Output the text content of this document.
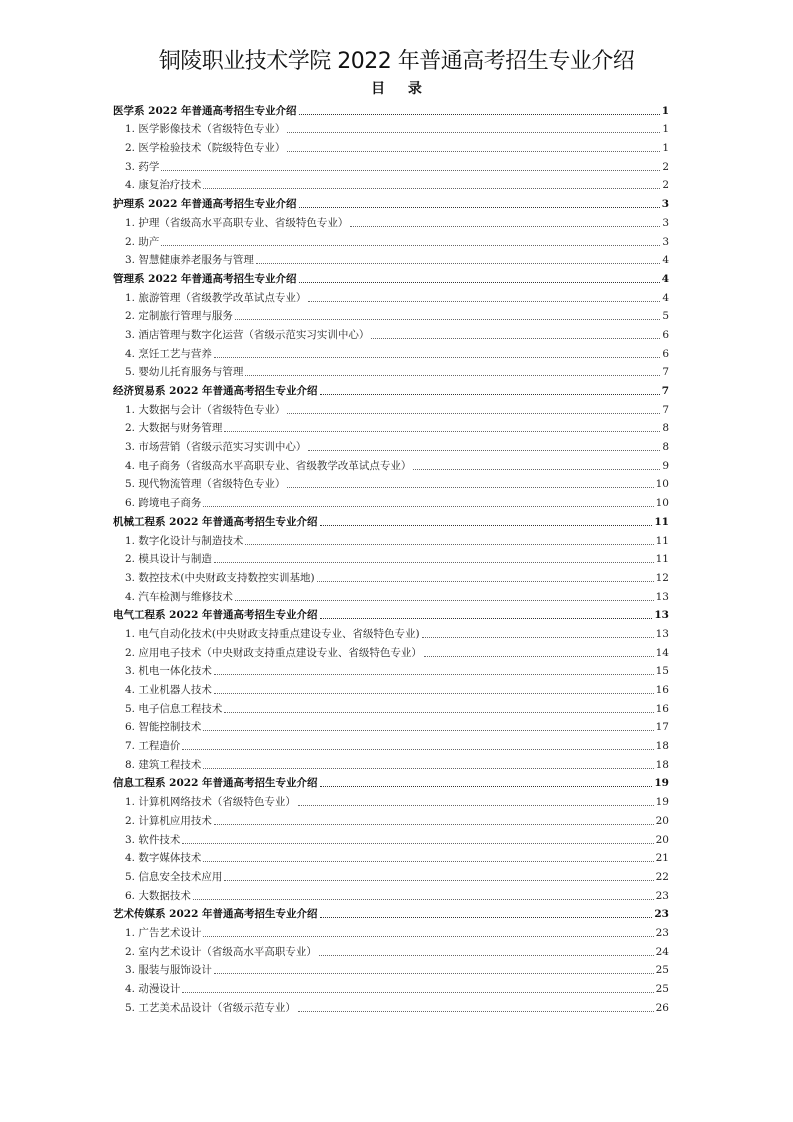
铜陵职业技术学院 2022 年普通高考招生专业介绍
目 录
医学系 2022 年普通高考招生专业介绍	1
1. 医学影像技术（省级特色专业）	1
2. 医学检验技术（院级特色专业）	1
3. 药学	2
4. 康复治疗技术	2
护理系 2022 年普通高考招生专业介绍	3
1. 护理（省级高水平高职专业、省级特色专业）	3
2. 助产	3
3. 智慧健康养老服务与管理	4
管理系 2022 年普通高考招生专业介绍	4
1. 旅游管理（省级教学改革试点专业）	4
2. 定制旅行管理与服务	5
3. 酒店管理与数字化运营（省级示范实习实训中心）	6
4. 烹饪工艺与营养	6
5. 婴幼儿托育服务与管理	7
经济贸易系 2022 年普通高考招生专业介绍	7
1. 大数据与会计（省级特色专业）	7
2. 大数据与财务管理	8
3. 市场营销（省级示范实习实训中心）	8
4. 电子商务（省级高水平高职专业、省级教学改革试点专业）	9
5. 现代物流管理（省级特色专业）	10
6. 跨境电子商务	10
机械工程系 2022 年普通高考招生专业介绍	11
1. 数字化设计与制造技术	11
2. 模具设计与制造	11
3. 数控技术(中央财政支持数控实训基地)	12
4. 汽车检测与维修技术	13
电气工程系 2022 年普通高考招生专业介绍	13
1. 电气自动化技术(中央财政支持重点建设专业、省级特色专业)	13
2. 应用电子技术（中央财政支持重点建设专业、省级特色专业）	14
3. 机电一体化技术	15
4. 工业机器人技术	16
5. 电子信息工程技术	16
6. 智能控制技术	17
7. 工程造价	18
8. 建筑工程技术	18
信息工程系 2022 年普通高考招生专业介绍	19
1. 计算机网络技术（省级特色专业）	19
2. 计算机应用技术	20
3. 软件技术	20
4. 数字媒体技术	21
5. 信息安全技术应用	22
6. 大数据技术	23
艺术传媒系 2022 年普通高考招生专业介绍	23
1. 广告艺术设计	23
2. 室内艺术设计（省级高水平高职专业）	24
3. 服装与服饰设计	25
4. 动漫设计	25
5. 工艺美术品设计（省级示范专业）	26
